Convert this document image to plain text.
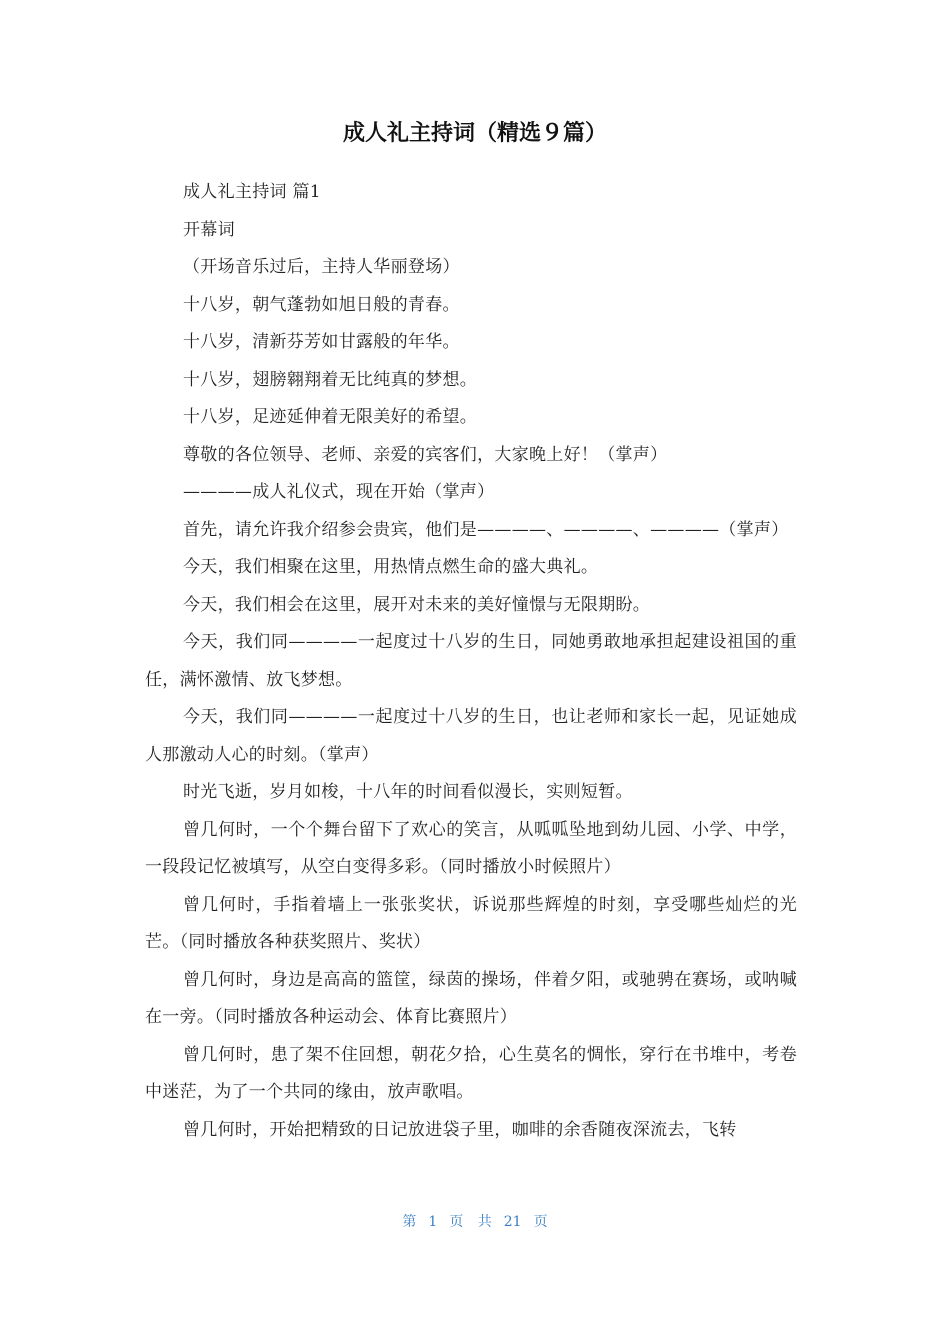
成人礼主持词（精选９篇）

成人礼主持词 篇1

开幕词

（开场音乐过后，主持人华丽登场）

十八岁，朝气蓬勃如旭日般的青春。

十八岁，清新芬芳如甘露般的年华。

十八岁，翅膀翱翔着无比纯真的梦想。

十八岁，足迹延伸着无限美好的希望。

尊敬的各位领导、老师、亲爱的宾客们，大家晚上好！（掌声）

————成人礼仪式，现在开始（掌声）

首先，请允许我介绍参会贵宾，他们是————、————、————（掌声）

今天，我们相聚在这里，用热情点燃生命的盛大典礼。

今天，我们相会在这里，展开对未来的美好憧憬与无限期盼。

今天，我们同————一起度过十八岁的生日，同她勇敢地承担起建设祖国的重任，满怀激情、放飞梦想。

今天，我们同————一起度过十八岁的生日，也让老师和家长一起，见证她成人那激动人心的时刻。（掌声）

时光飞逝，岁月如梭，十八年的时间看似漫长，实则短暂。

曾几何时，一个个舞台留下了欢心的笑言，从呱呱坠地到幼儿园、小学、中学，一段段记忆被填写，从空白变得多彩。（同时播放小时候照片）

曾几何时，手指着墙上一张张奖状，诉说那些辉煌的时刻，享受哪些灿烂的光芒。（同时播放各种获奖照片、奖状）

曾几何时，身边是高高的篮筐，绿茵的操场，伴着夕阳，或驰骋在赛场，或呐喊在一旁。（同时播放各种运动会、体育比赛照片）

曾几何时，患了架不住回想，朝花夕拾，心生莫名的惆怅，穿行在书堆中，考卷中迷茫，为了一个共同的缘由，放声歌唱。

曾几何时，开始把精致的日记放进袋子里，咖啡的余香随夜深流去，飞转

第 1 页 共 21 页
